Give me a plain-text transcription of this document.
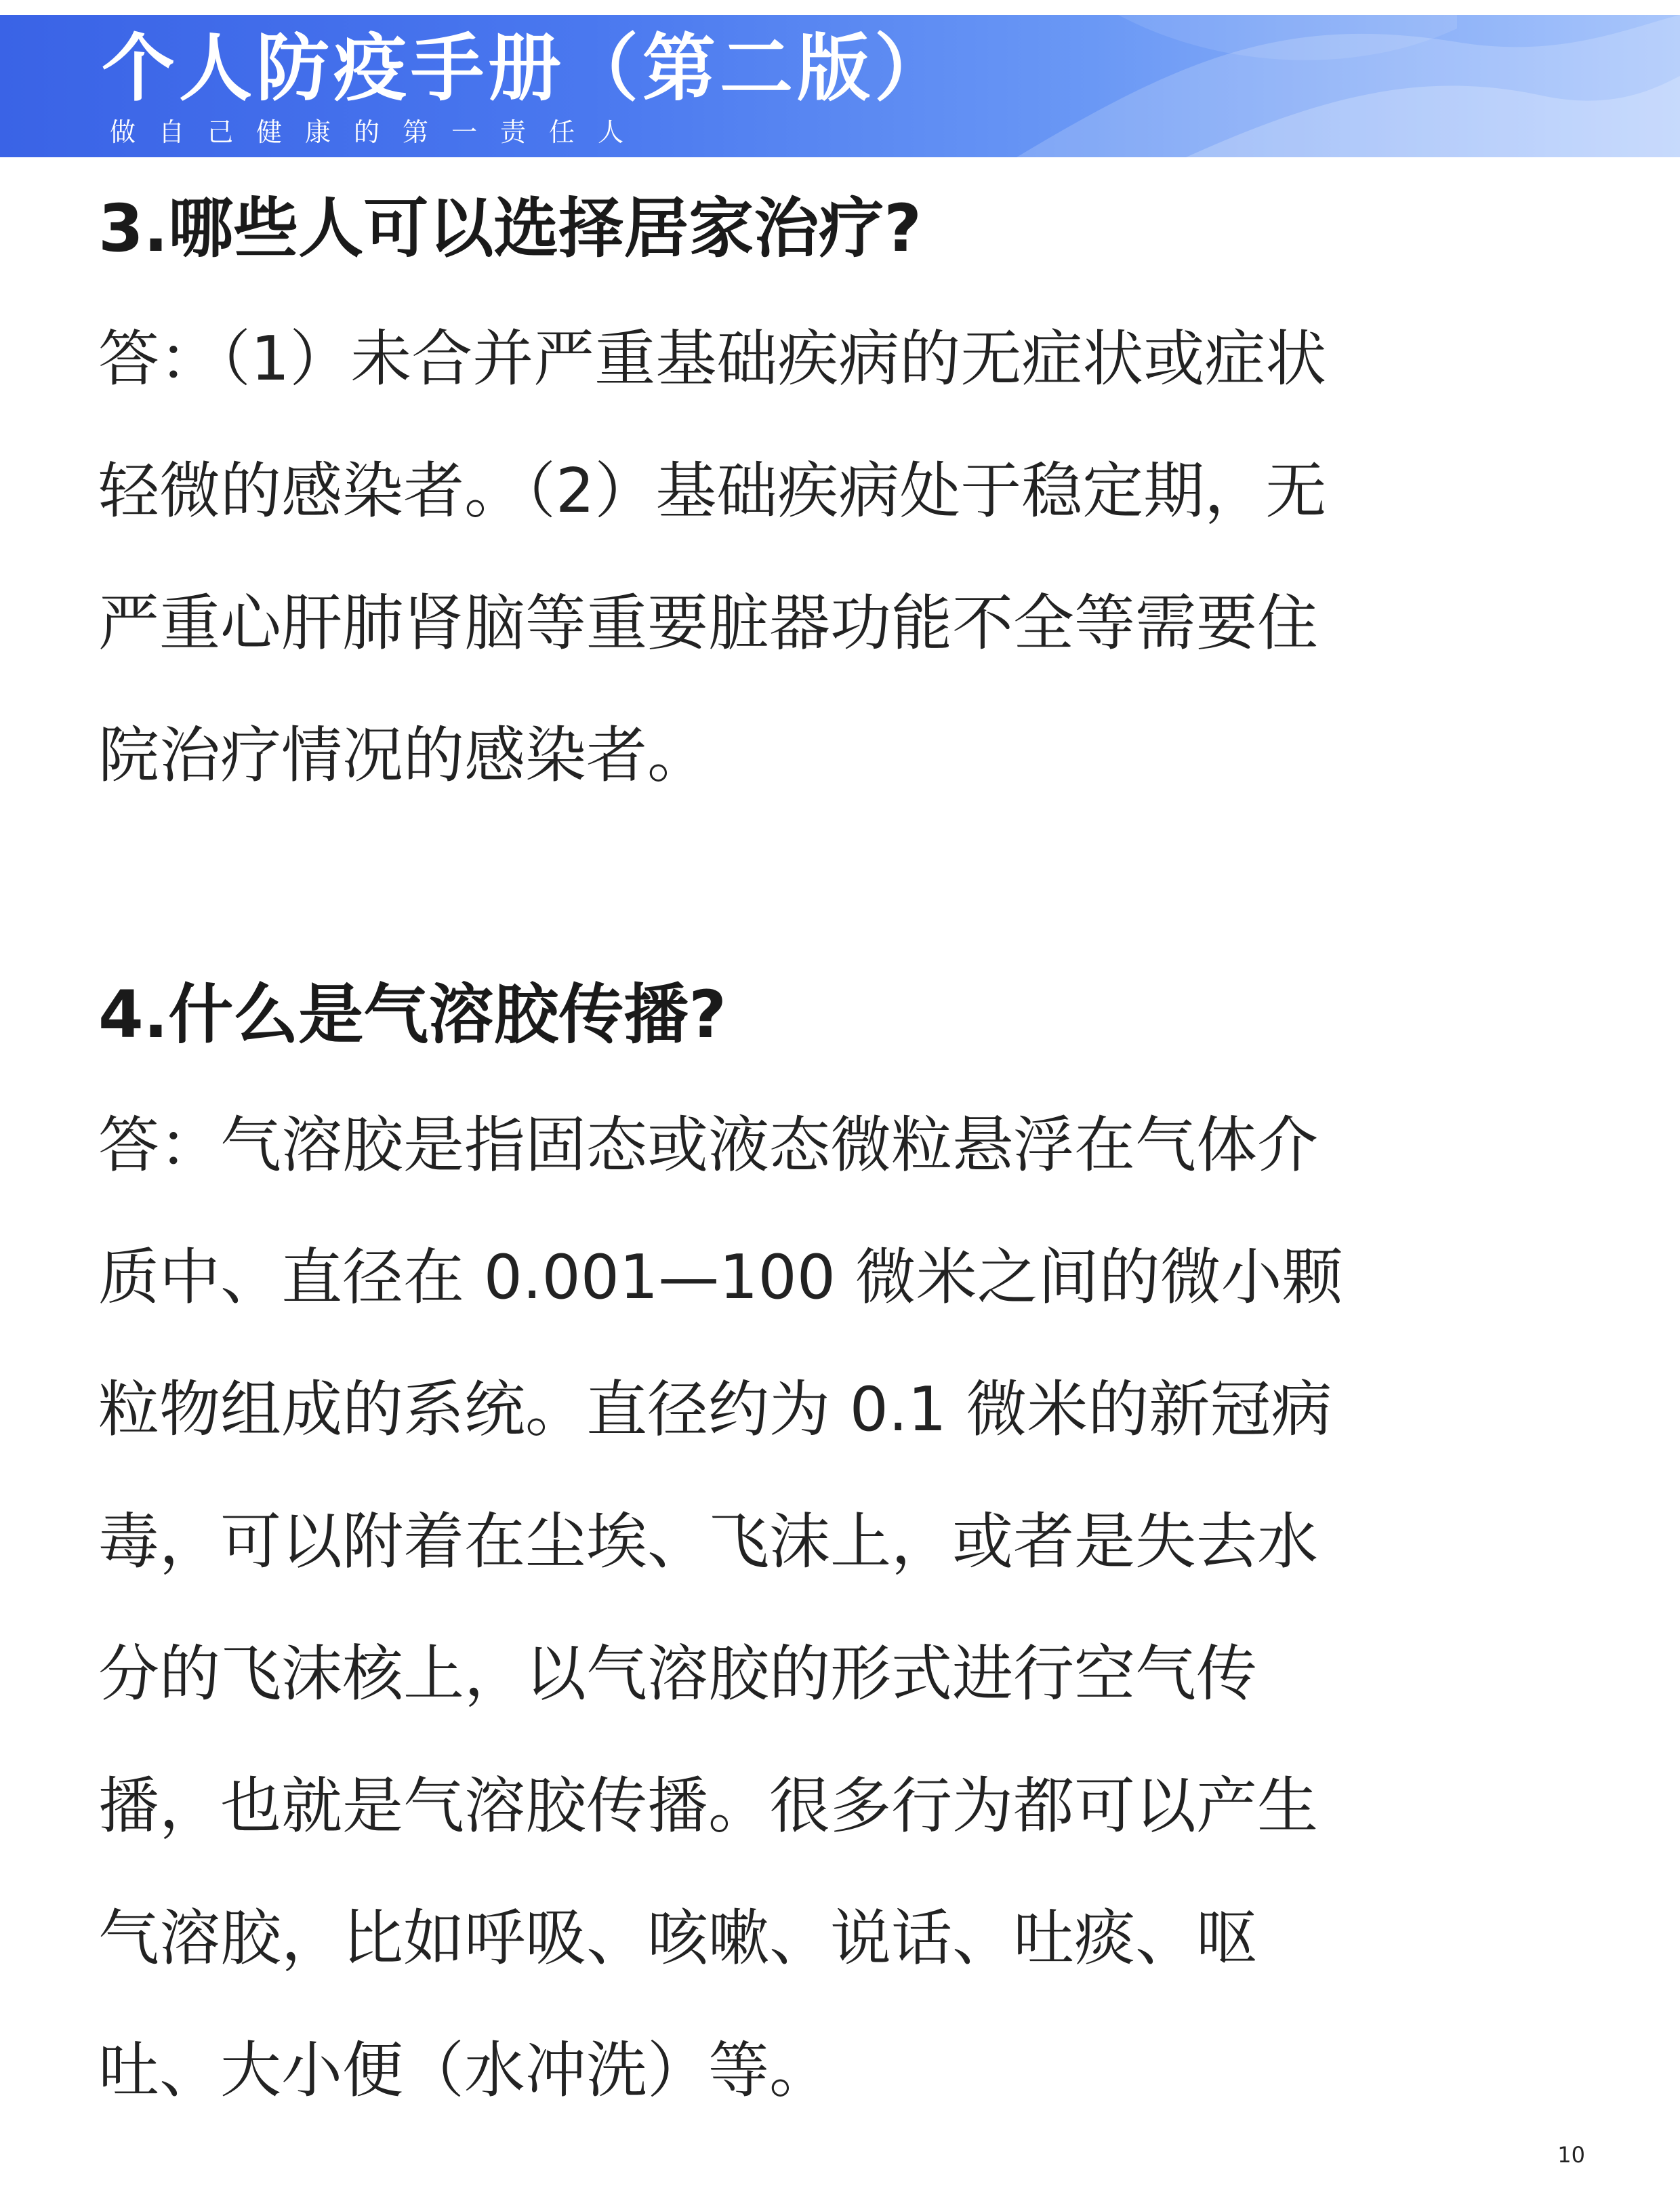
个人防疫手册（第二版）
做自己健康的第一责任人
3.哪些人可以选择居家治疗?
答：（1）未合并严重基础疾病的无症状或症状
轻微的感染者。（2）基础疾病处于稳定期，无
严重心肝肺肾脑等重要脏器功能不全等需要住
院治疗情况的感染者。
4.什么是气溶胶传播?
答：气溶胶是指固态或液态微粒悬浮在气体介
质中、直径在 0.001—100 微米之间的微小颗
粒物组成的系统。直径约为 0.1 微米的新冠病
毒，可以附着在尘埃、飞沫上，或者是失去水
分的飞沫核上，以气溶胶的形式进行空气传
播，也就是气溶胶传播。很多行为都可以产生
气溶胶，比如呼吸、咳嗽、说话、吐痰、呕
吐、大小便（水冲洗）等。
10
